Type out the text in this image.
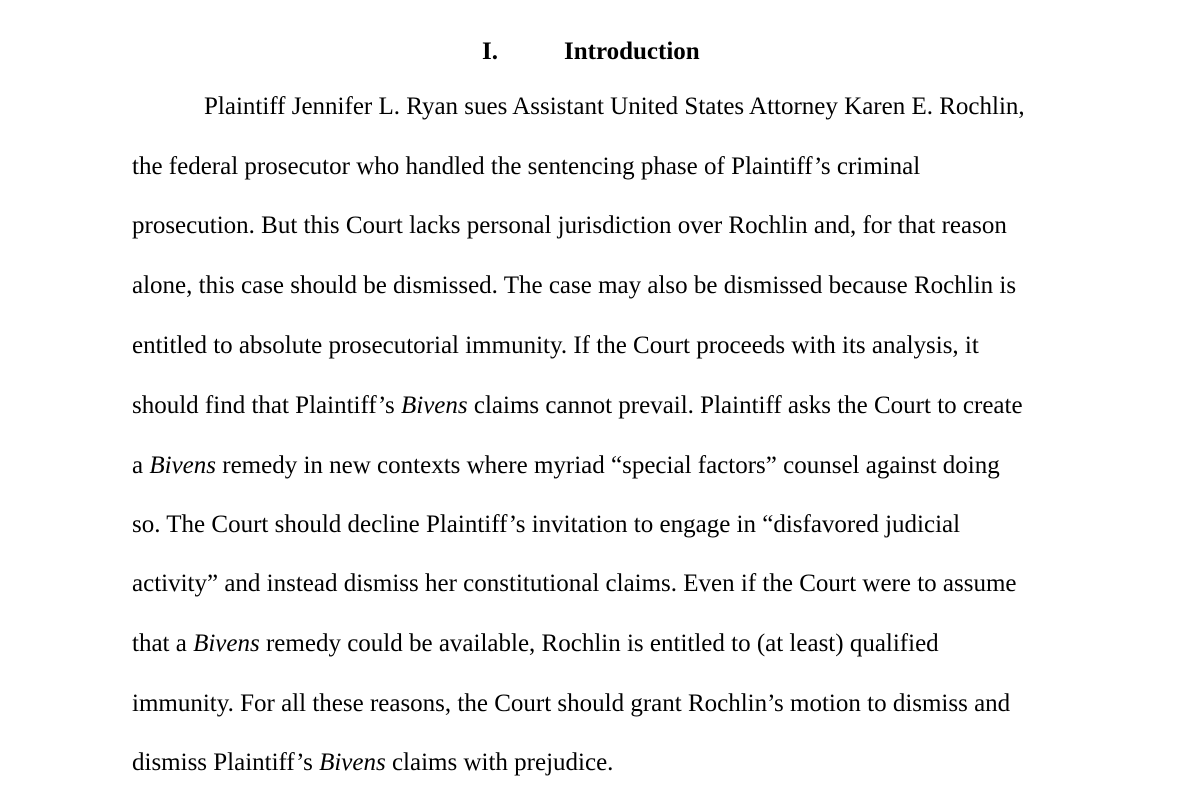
I.	Introduction
Plaintiff Jennifer L. Ryan sues Assistant United States Attorney Karen E. Rochlin,
the federal prosecutor who handled the sentencing phase of Plaintiff’s criminal
prosecution. But this Court lacks personal jurisdiction over Rochlin and, for that reason
alone, this case should be dismissed. The case may also be dismissed because Rochlin is
entitled to absolute prosecutorial immunity. If the Court proceeds with its analysis, it
should find that Plaintiff’s Bivens claims cannot prevail. Plaintiff asks the Court to create
a Bivens remedy in new contexts where myriad “special factors” counsel against doing
so. The Court should decline Plaintiff’s invitation to engage in “disfavored judicial
activity” and instead dismiss her constitutional claims. Even if the Court were to assume
that a Bivens remedy could be available, Rochlin is entitled to (at least) qualified
immunity. For all these reasons, the Court should grant Rochlin’s motion to dismiss and
dismiss Plaintiff’s Bivens claims with prejudice.
